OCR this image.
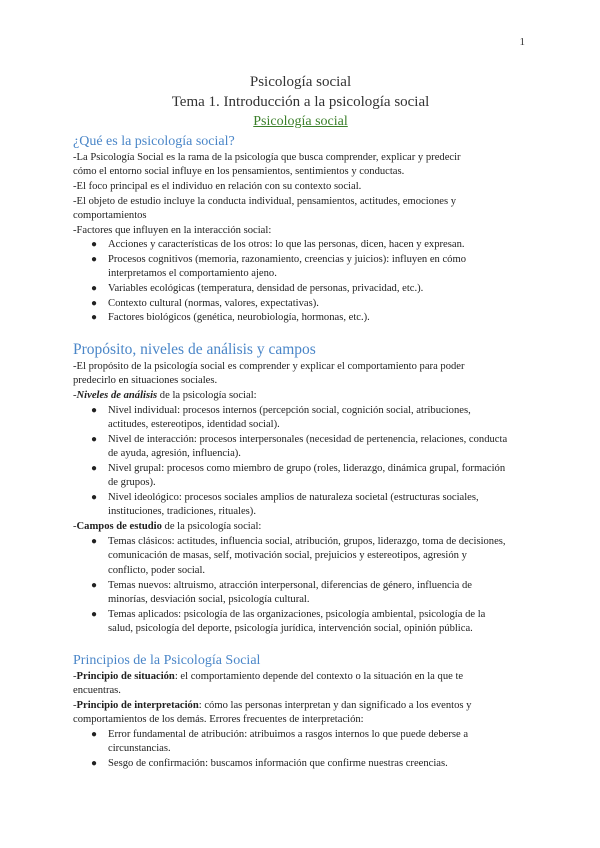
1
Psicología social
Tema 1. Introducción a la psicología social
Psicología social
¿Qué es la psicología social?
-La Psicología Social es la rama de la psicología que busca comprender, explicar y predecir
cómo el entorno social influye en los pensamientos, sentimientos y conductas.
-El foco principal es el individuo en relación con su contexto social.
-El objeto de estudio incluye la conducta individual, pensamientos, actitudes, emociones y
comportamientos
-Factores que influyen en la interacción social:
● Acciones y características de los otros: lo que las personas, dicen, hacen y expresan.
● Procesos cognitivos (memoria, razonamiento, creencias y juicios): influyen en cómo
interpretamos el comportamiento ajeno.
● Variables ecológicas (temperatura, densidad de personas, privacidad, etc.).
● Contexto cultural (normas, valores, expectativas).
● Factores biológicos (genética, neurobiología, hormonas, etc.).
Propósito, niveles de análisis y campos
-El propósito de la psicología social es comprender y explicar el comportamiento para poder
predecirlo en situaciones sociales.
-Niveles de análisis de la psicología social:
● Nivel individual: procesos internos (percepción social, cognición social, atribuciones,
actitudes, estereotipos, identidad social).
● Nivel de interacción: procesos interpersonales (necesidad de pertenencia, relaciones, conducta
de ayuda, agresión, influencia).
● Nivel grupal: procesos como miembro de grupo (roles, liderazgo, dinámica grupal, formación
de grupos).
● Nivel ideológico: procesos sociales amplios de naturaleza societal (estructuras sociales,
instituciones, tradiciones, rituales).
-Campos de estudio de la psicología social:
● Temas clásicos: actitudes, influencia social, atribución, grupos, liderazgo, toma de decisiones,
comunicación de masas, self, motivación social, prejuicios y estereotipos, agresión y
conflicto, poder social.
● Temas nuevos: altruismo, atracción interpersonal, diferencias de género, influencia de
minorías, desviación social, psicología cultural.
● Temas aplicados: psicología de las organizaciones, psicología ambiental, psicología de la
salud, psicología del deporte, psicología jurídica, intervención social, opinión pública.
Principios de la Psicología Social
-Principio de situación: el comportamiento depende del contexto o la situación en la que te
encuentras.
-Principio de interpretación: cómo las personas interpretan y dan significado a los eventos y
comportamientos de los demás. Errores frecuentes de interpretación:
● Error fundamental de atribución: atribuimos a rasgos internos lo que puede deberse a
circunstancias.
● Sesgo de confirmación: buscamos información que confirme nuestras creencias.
